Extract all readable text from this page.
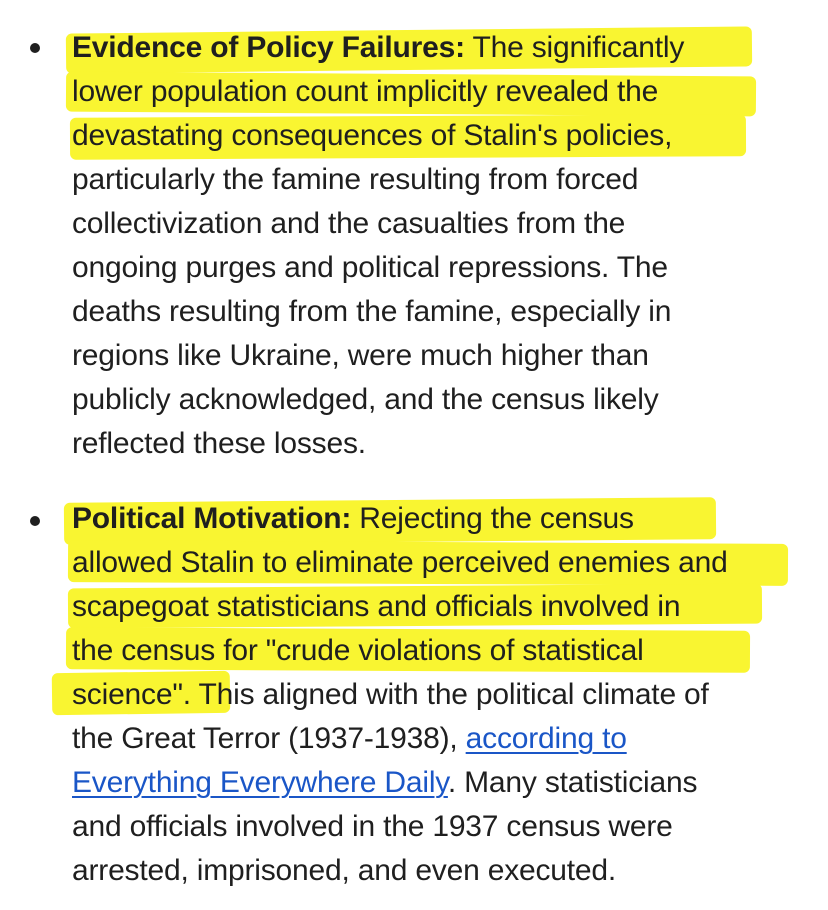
Evidence of Policy Failures: The significantly
lower population count implicitly revealed the
devastating consequences of Stalin's policies,
particularly the famine resulting from forced
collectivization and the casualties from the
ongoing purges and political repressions. The
deaths resulting from the famine, especially in
regions like Ukraine, were much higher than
publicly acknowledged, and the census likely
reflected these losses.

Political Motivation: Rejecting the census
allowed Stalin to eliminate perceived enemies and
scapegoat statisticians and officials involved in
the census for "crude violations of statistical
science". This aligned with the political climate of
the Great Terror (1937-1938), according to
Everything Everywhere Daily. Many statisticians
and officials involved in the 1937 census were
arrested, imprisoned, and even executed.
